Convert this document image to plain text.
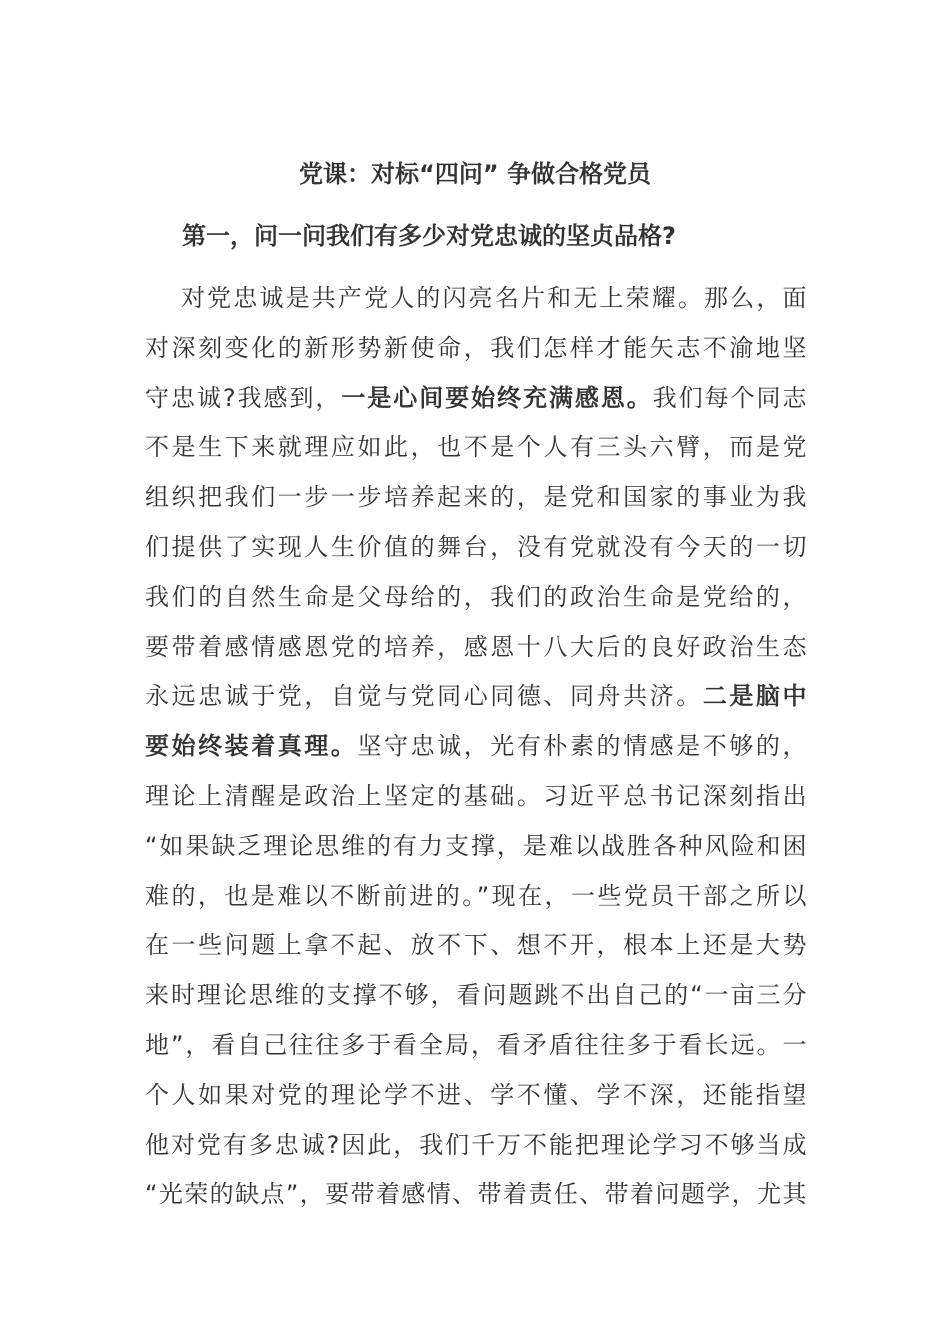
党课：对标“四问” 争做合格党员
第一，问一问我们有多少对党忠诚的坚贞品格?
对党忠诚是共产党人的闪亮名片和无上荣耀。那么，面
对深刻变化的新形势新使命，我们怎样才能矢志不渝地坚
守忠诚?我感到，一是心间要始终充满感恩。我们每个同志
不是生下来就理应如此，也不是个人有三头六臂，而是党
组织把我们一步一步培养起来的，是党和国家的事业为我
们提供了实现人生价值的舞台，没有党就没有今天的一切
我们的自然生命是父母给的，我们的政治生命是党给的，
要带着感情感恩党的培养，感恩十八大后的良好政治生态
永远忠诚于党，自觉与党同心同德、同舟共济。二是脑中
要始终装着真理。坚守忠诚，光有朴素的情感是不够的，
理论上清醒是政治上坚定的基础。习近平总书记深刻指出
“如果缺乏理论思维的有力支撑，是难以战胜各种风险和困
难的，也是难以不断前进的。”现在，一些党员干部之所以
在一些问题上拿不起、放不下、想不开，根本上还是大势
来时理论思维的支撑不够，看问题跳不出自己的“一亩三分
地”，看自己往往多于看全局，看矛盾往往多于看长远。一
个人如果对党的理论学不进、学不懂、学不深，还能指望
他对党有多忠诚?因此，我们千万不能把理论学习不够当成
“光荣的缺点”，要带着感情、带着责任、带着问题学，尤其
